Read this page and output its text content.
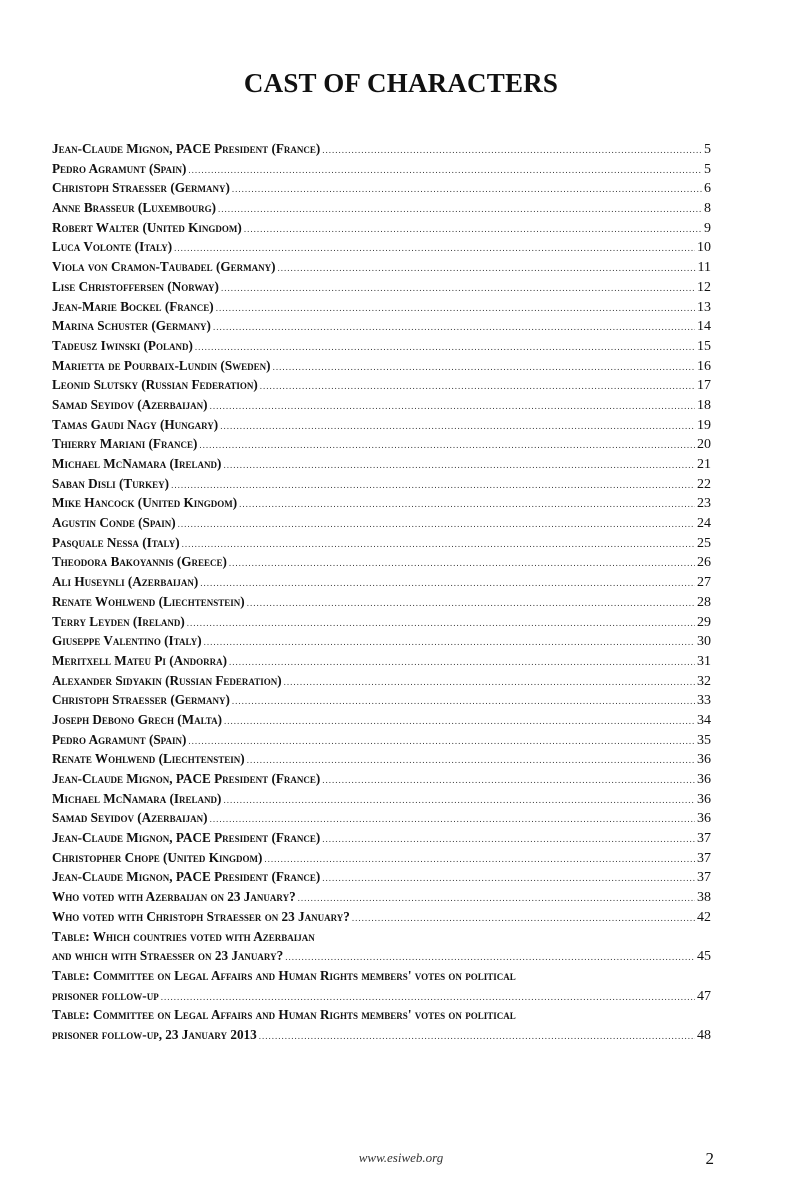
CAST OF CHARACTERS
Jean-Claude Mignon, PACE President (France) .....	5
Pedro Agramunt (Spain) .....	5
Christoph Straesser (Germany) .....	6
Anne Brasseur (Luxembourg) .....	8
Robert Walter (United Kingdom) .....	9
Luca Volonte (Italy) .....	10
Viola von Cramon-Taubadel (Germany) .....	11
Lise Christoffersen (Norway) .....	12
Jean-Marie Bockel (France) .....	13
Marina Schuster (Germany) .....	14
Tadeusz Iwinski (Poland) .....	15
Marietta de Pourbaix-Lundin (Sweden) .....	16
Leonid Slutsky (Russian Federation) .....	17
Samad Seyidov (Azerbaijan) .....	18
Tamas Gaudi Nagy (Hungary) .....	19
Thierry Mariani (France) .....	20
Michael McNamara (Ireland) .....	21
Saban Disli (Turkey) .....	22
Mike Hancock (United Kingdom) .....	23
Agustin Conde (Spain) .....	24
Pasquale Nessa (Italy) .....	25
Theodora Bakoyannis (Greece) .....	26
Ali Huseynli (Azerbaijan) .....	27
Renate Wohlwend (Liechtenstein) .....	28
Terry Leyden (Ireland) .....	29
Giuseppe Valentino (Italy) .....	30
Meritxell Mateu Pi (Andorra) .....	31
Alexander Sidyakin (Russian Federation) .....	32
Christoph Straesser (Germany) .....	33
Joseph Debono Grech (Malta) .....	34
Pedro Agramunt (Spain) .....	35
Renate Wohlwend (Liechtenstein) .....	36
Jean-Claude Mignon, PACE President (France) .....	36
Michael McNamara (Ireland) .....	36
Samad Seyidov (Azerbaijan) .....	36
Jean-Claude Mignon, PACE President (France) .....	37
Christopher Chope (United Kingdom) .....	37
Jean-Claude Mignon, PACE President (France) .....	37
Who voted with Azerbaijan on 23 January? .....	38
Who voted with Christoph Straesser on 23 January? .....	42
Table: Which countries voted with Azerbaijan
and which with Straesser on 23 January? .....	45
Table: Committee on Legal Affairs and Human Rights members' votes on political
prisoner follow-up .....	47
Table: Committee on Legal Affairs and Human Rights members' votes on political
prisoner follow-up, 23 January 2013 .....	48
www.esiweb.org	2
